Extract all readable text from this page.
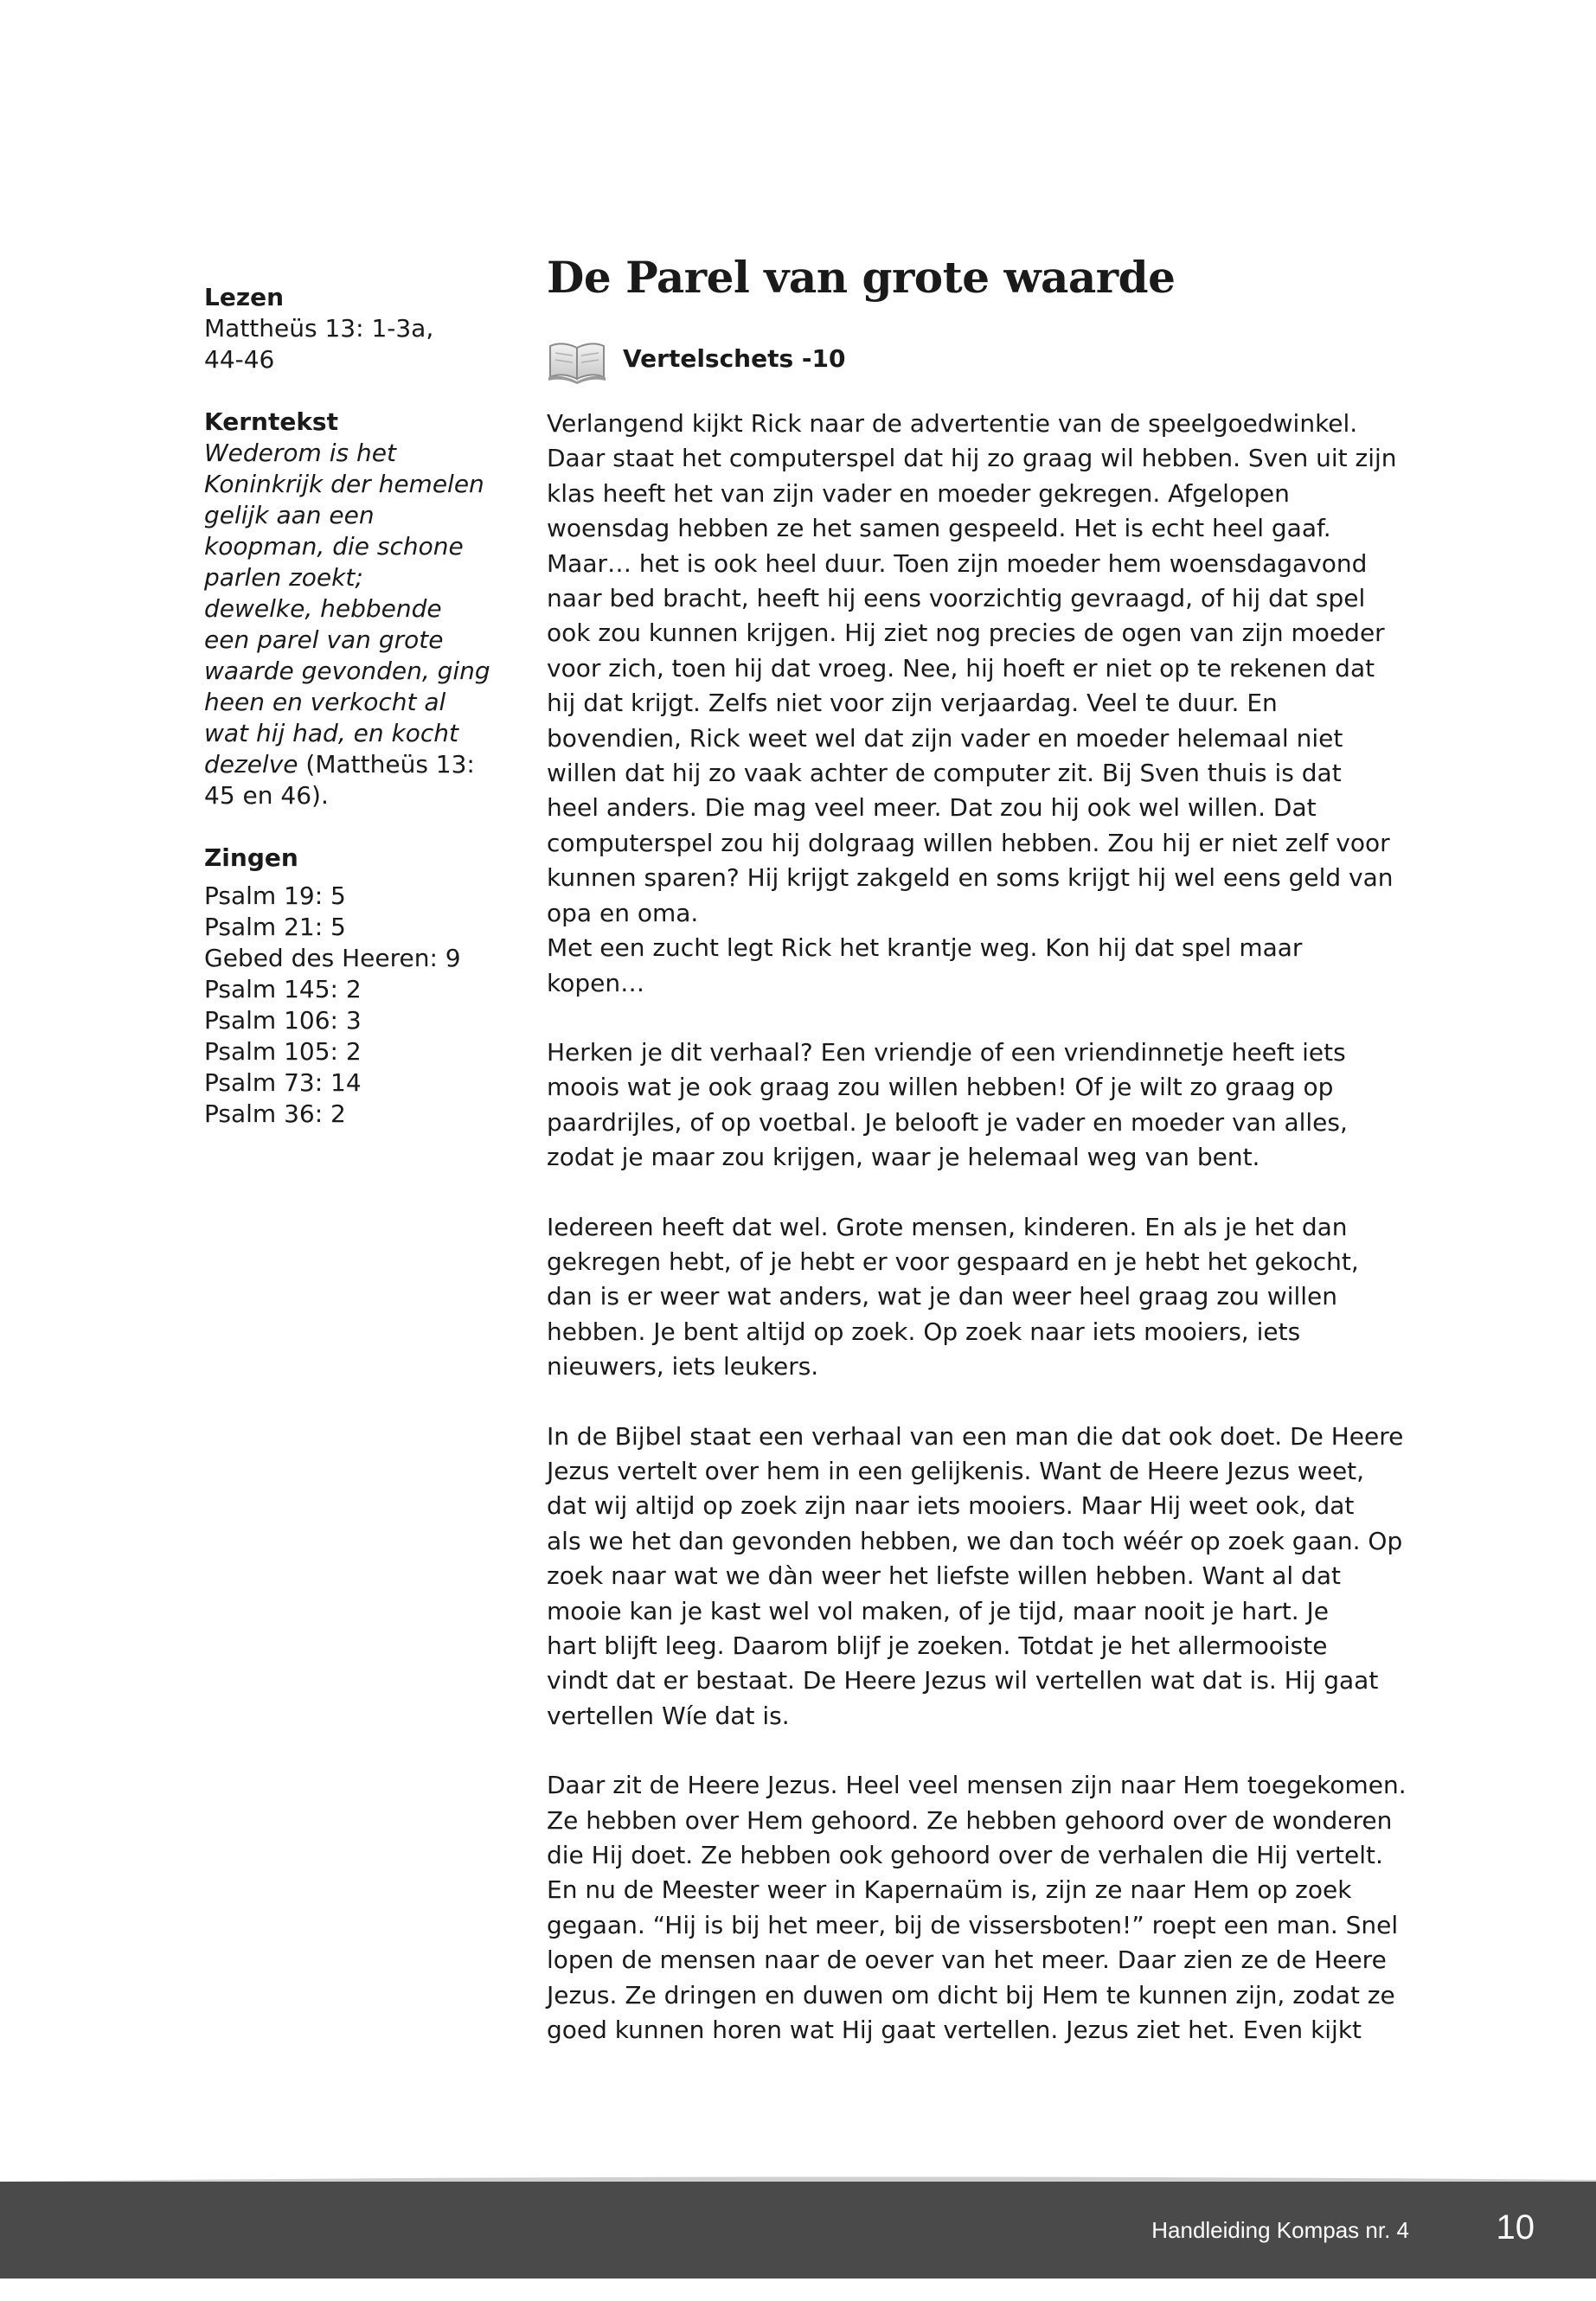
Lezen

Mattheüs 13: 1-3a,
44-46

Kerntekst

Wederom is het
Koninkrijk der hemelen
gelijk aan een
koopman, die schone
parlen zoekt;
dewelke, hebbende
een parel van grote
waarde gevonden, ging
heen en verkocht al
wat hij had, en kocht
dezelve (Mattheüs 13:
45 en 46).

Zingen

Psalm 19: 5
Psalm 21: 5
Gebed des Heeren: 9
Psalm 145: 2
Psalm 106: 3
Psalm 105: 2
Psalm 73: 14
Psalm 36: 2
De Parel van grote waarde
Vertelschets -10

Verlangend kijkt Rick naar de advertentie van de speelgoedwinkel.
Daar staat het computerspel dat hij zo graag wil hebben. Sven uit zijn
klas heeft het van zijn vader en moeder gekregen. Afgelopen
woensdag hebben ze het samen gespeeld. Het is echt heel gaaf.
Maar… het is ook heel duur. Toen zijn moeder hem woensdagavond
naar bed bracht, heeft hij eens voorzichtig gevraagd, of hij dat spel
ook zou kunnen krijgen. Hij ziet nog precies de ogen van zijn moeder
voor zich, toen hij dat vroeg. Nee, hij hoeft er niet op te rekenen dat
hij dat krijgt. Zelfs niet voor zijn verjaardag. Veel te duur. En
bovendien, Rick weet wel dat zijn vader en moeder helemaal niet
willen dat hij zo vaak achter de computer zit. Bij Sven thuis is dat
heel anders. Die mag veel meer. Dat zou hij ook wel willen. Dat
computerspel zou hij dolgraag willen hebben. Zou hij er niet zelf voor
kunnen sparen? Hij krijgt zakgeld en soms krijgt hij wel eens geld van
opa en oma.
Met een zucht legt Rick het krantje weg. Kon hij dat spel maar
kopen…

Herken je dit verhaal? Een vriendje of een vriendinnetje heeft iets
moois wat je ook graag zou willen hebben! Of je wilt zo graag op
paardrijles, of op voetbal. Je belooft je vader en moeder van alles,
zodat je maar zou krijgen, waar je helemaal weg van bent.

Iedereen heeft dat wel. Grote mensen, kinderen. En als je het dan
gekregen hebt, of je hebt er voor gespaard en je hebt het gekocht,
dan is er weer wat anders, wat je dan weer heel graag zou willen
hebben. Je bent altijd op zoek. Op zoek naar iets mooiers, iets
nieuwers, iets leukers.

In de Bijbel staat een verhaal van een man die dat ook doet. De Heere
Jezus vertelt over hem in een gelijkenis. Want de Heere Jezus weet,
dat wij altijd op zoek zijn naar iets mooiers. Maar Hij weet ook, dat
als we het dan gevonden hebben, we dan toch wéér op zoek gaan. Op
zoek naar wat we dàn weer het liefste willen hebben. Want al dat
mooie kan je kast wel vol maken, of je tijd, maar nooit je hart. Je
hart blijft leeg. Daarom blijf je zoeken. Totdat je het allermooiste
vindt dat er bestaat. De Heere Jezus wil vertellen wat dat is. Hij gaat
vertellen Wíe dat is.

Daar zit de Heere Jezus. Heel veel mensen zijn naar Hem toegekomen.
Ze hebben over Hem gehoord. Ze hebben gehoord over de wonderen
die Hij doet. Ze hebben ook gehoord over de verhalen die Hij vertelt.
En nu de Meester weer in Kapernaüm is, zijn ze naar Hem op zoek
gegaan. “Hij is bij het meer, bij de vissersboten!” roept een man. Snel
lopen de mensen naar de oever van het meer. Daar zien ze de Heere
Jezus. Ze dringen en duwen om dicht bij Hem te kunnen zijn, zodat ze
goed kunnen horen wat Hij gaat vertellen. Jezus ziet het. Even kijkt

Handleiding Kompas nr. 4	10
